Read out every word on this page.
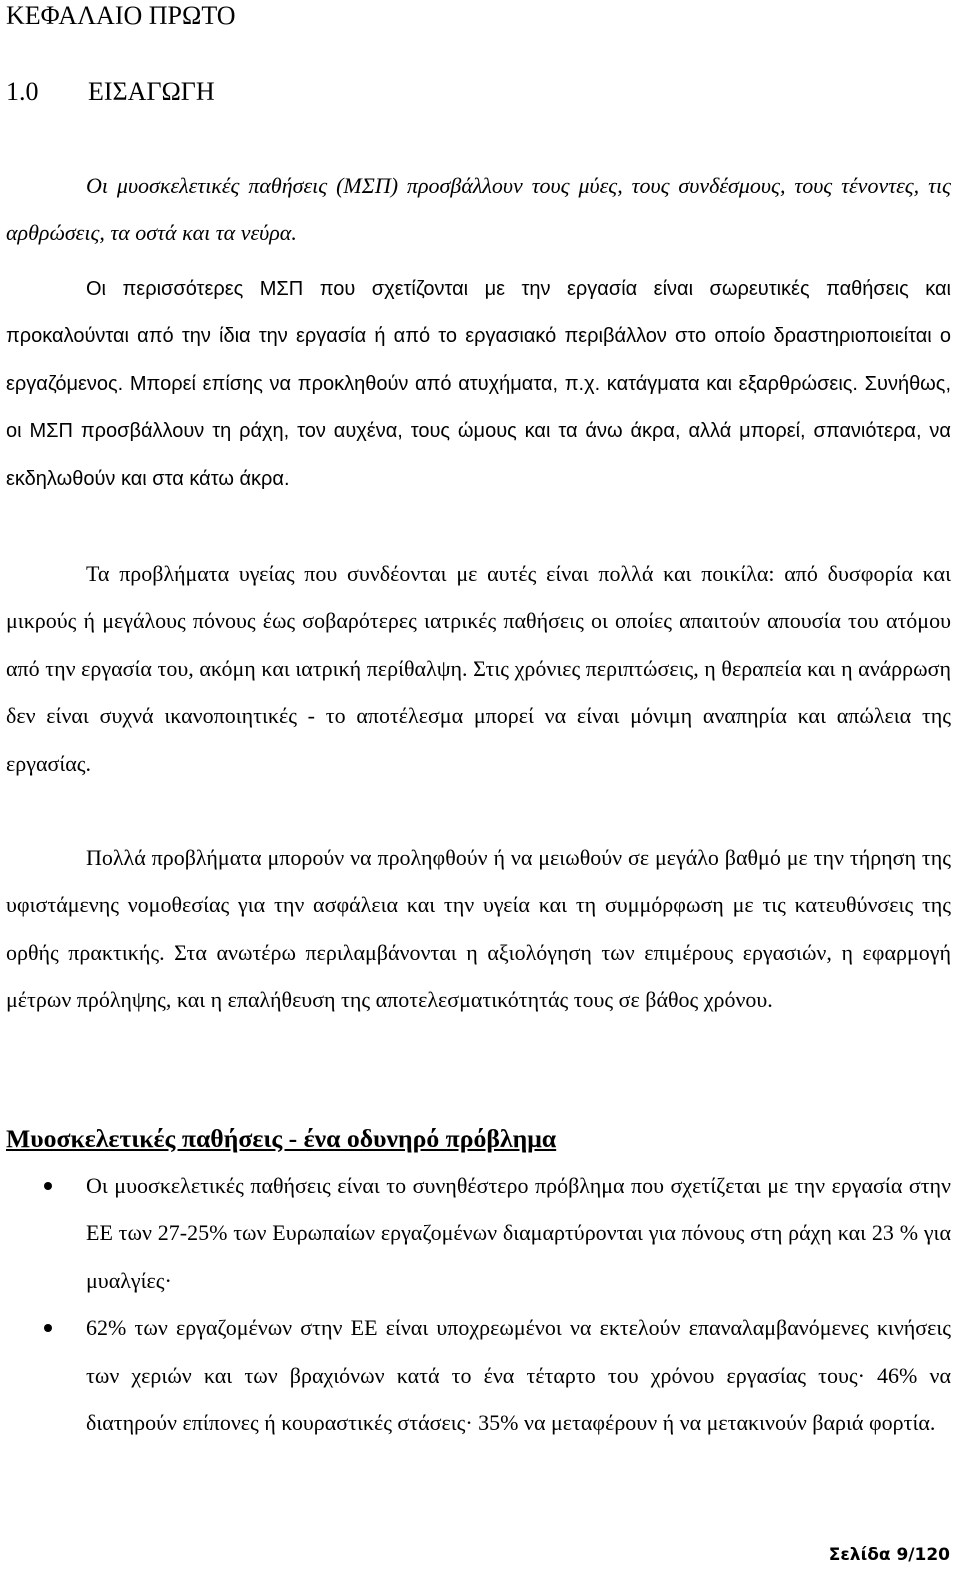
ΚΕΦΑΛΑΙΟ ΠΡΩΤΟ
1.0 ΕΙΣΑΓΩΓΗ

Οι μυοσκελετικές παθήσεις (ΜΣΠ) προσβάλλουν τους μύες, τους συνδέσμους, τους τένοντες, τις αρθρώσεις, τα οστά και τα νεύρα.

Οι περισσότερες ΜΣΠ που σχετίζονται με την εργασία είναι σωρευτικές παθήσεις και προκαλούνται από την ίδια την εργασία ή από το εργασιακό περιβάλλον στο οποίο δραστηριοποιείται ο εργαζόμενος. Μπορεί επίσης να προκληθούν από ατυχήματα, π.χ. κατάγματα και εξαρθρώσεις. Συνήθως, οι ΜΣΠ προσβάλλουν τη ράχη, τον αυχένα, τους ώμους και τα άνω άκρα, αλλά μπορεί, σπανιότερα, να εκδηλωθούν και στα κάτω άκρα.

Τα προβλήματα υγείας που συνδέονται με αυτές είναι πολλά και ποικίλα: από δυσφορία και μικρούς ή μεγάλους πόνους έως σοβαρότερες ιατρικές παθήσεις οι οποίες απαιτούν απουσία του ατόμου από την εργασία του, ακόμη και ιατρική περίθαλψη. Στις χρόνιες περιπτώσεις, η θεραπεία και η ανάρρωση δεν είναι συχνά ικανοποιητικές - το αποτέλεσμα μπορεί να είναι μόνιμη αναπηρία και απώλεια της εργασίας.

Πολλά προβλήματα μπορούν να προληφθούν ή να μειωθούν σε μεγάλο βαθμό με την τήρηση της υφιστάμενης νομοθεσίας για την ασφάλεια και την υγεία και τη συμμόρφωση με τις κατευθύνσεις της ορθής πρακτικής. Στα ανωτέρω περιλαμβάνονται η αξιολόγηση των επιμέρους εργασιών, η εφαρμογή μέτρων πρόληψης, και η επαλήθευση της αποτελεσματικότητάς τους σε βάθος χρόνου.

Μυοσκελετικές παθήσεις - ένα οδυνηρό πρόβλημα
Οι μυοσκελετικές παθήσεις είναι το συνηθέστερο πρόβλημα που σχετίζεται με την εργασία στην ΕΕ των 27-25% των Ευρωπαίων εργαζομένων διαμαρτύρονται για πόνους στη ράχη και 23 % για μυαλγίες·
62% των εργαζομένων στην ΕΕ είναι υποχρεωμένοι να εκτελούν επαναλαμβανόμενες κινήσεις των χεριών και των βραχιόνων κατά το ένα τέταρτο του χρόνου εργασίας τους· 46% να διατηρούν επίπονες ή κουραστικές στάσεις· 35% να μεταφέρουν ή να μετακινούν βαριά φορτία.
Σελίδα 9/120
